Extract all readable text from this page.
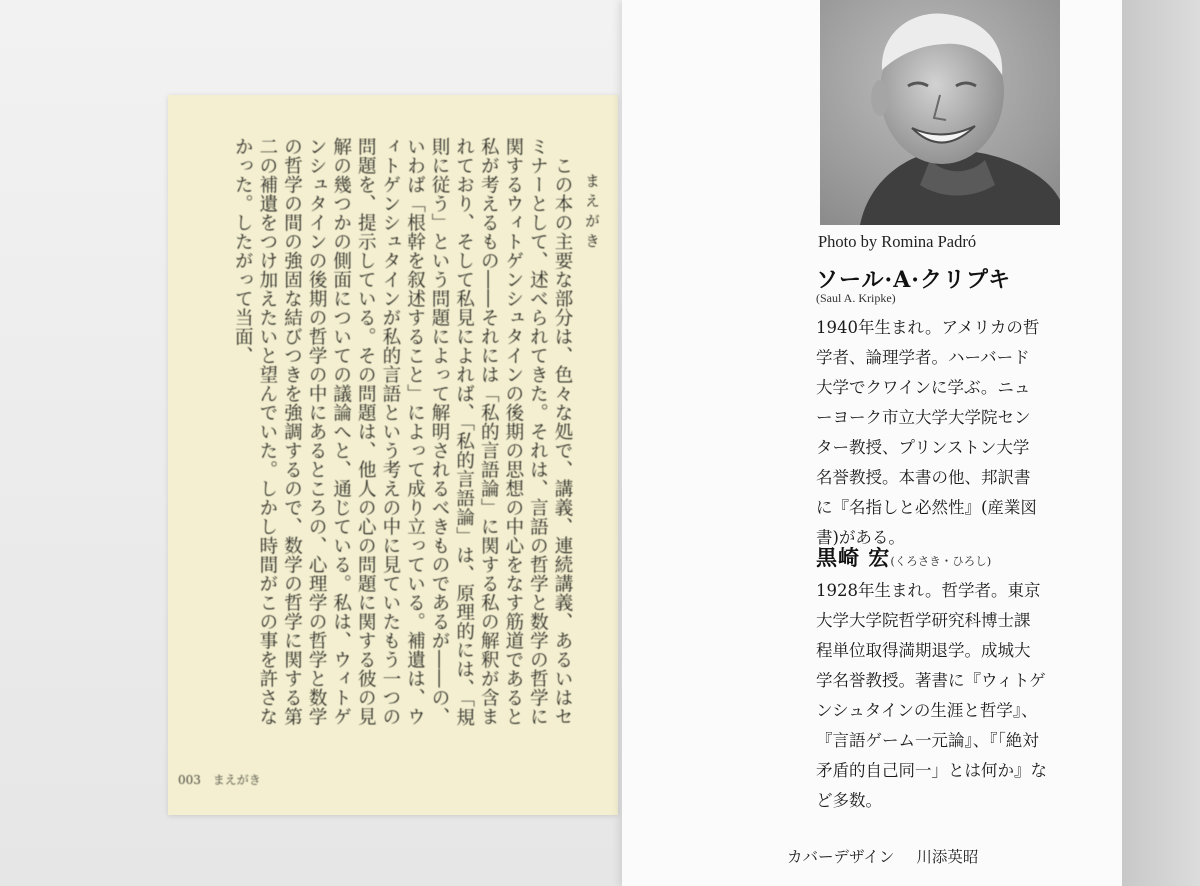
この本の主要な部分は、色々な処で、講義、連続講義、あるいはセミナーとして、述べられてきた。それは、言語の哲学と数学の哲学に関するウィトゲンシュタインの後期の思想の中心をなす筋道であると私が考えるもの――それには「私的言語論」に関する私の解釈が含まれており、そして私見によれば、「私的言語論」は、原理的には、「規則に従う」という問題によって解明されるべきものであるが――の、いわば「根幹を叙述すること」によって成り立っている。補遺は、ウィトゲンシュタインが私的言語という考えの中に見ていたもう一つの問題を、提示している。その問題は、他人の心の問題に関する彼の見解の幾つかの側面についての議論へと、通じている。私は、ウィトゲンシュタインの後期の哲学の中にあるところの、心理学の哲学と数学の哲学の間の強固な結びつきを強調するので、数学の哲学に関する第二の補遺をつけ加えたいと望んでいた。しかし時間がこの事を許さなかった。したがって当面、	まえがき
003 まえがき
Photo by Romina Padró
ソール·A·クリプキ
(Saul A. Kripke)
1940年生まれ。アメリカの哲
学者、論理学者。ハーバード
大学でクワインに学ぶ。ニュ
ーヨーク市立大学大学院セン
ター教授、プリンストン大学
名誉教授。本書の他、邦訳書
に『名指しと必然性』(産業図
書)がある。
黒崎 宏(くろさき・ひろし)
1928年生まれ。哲学者。東京
大学大学院哲学研究科博士課
程単位取得満期退学。成城大
学名誉教授。著書に『ウィトゲ
ンシュタインの生涯と哲学』、
『言語ゲーム一元論』、『「絶対
矛盾的自己同一」とは何か』な
ど多数。
カバーデザイン 川添英昭
